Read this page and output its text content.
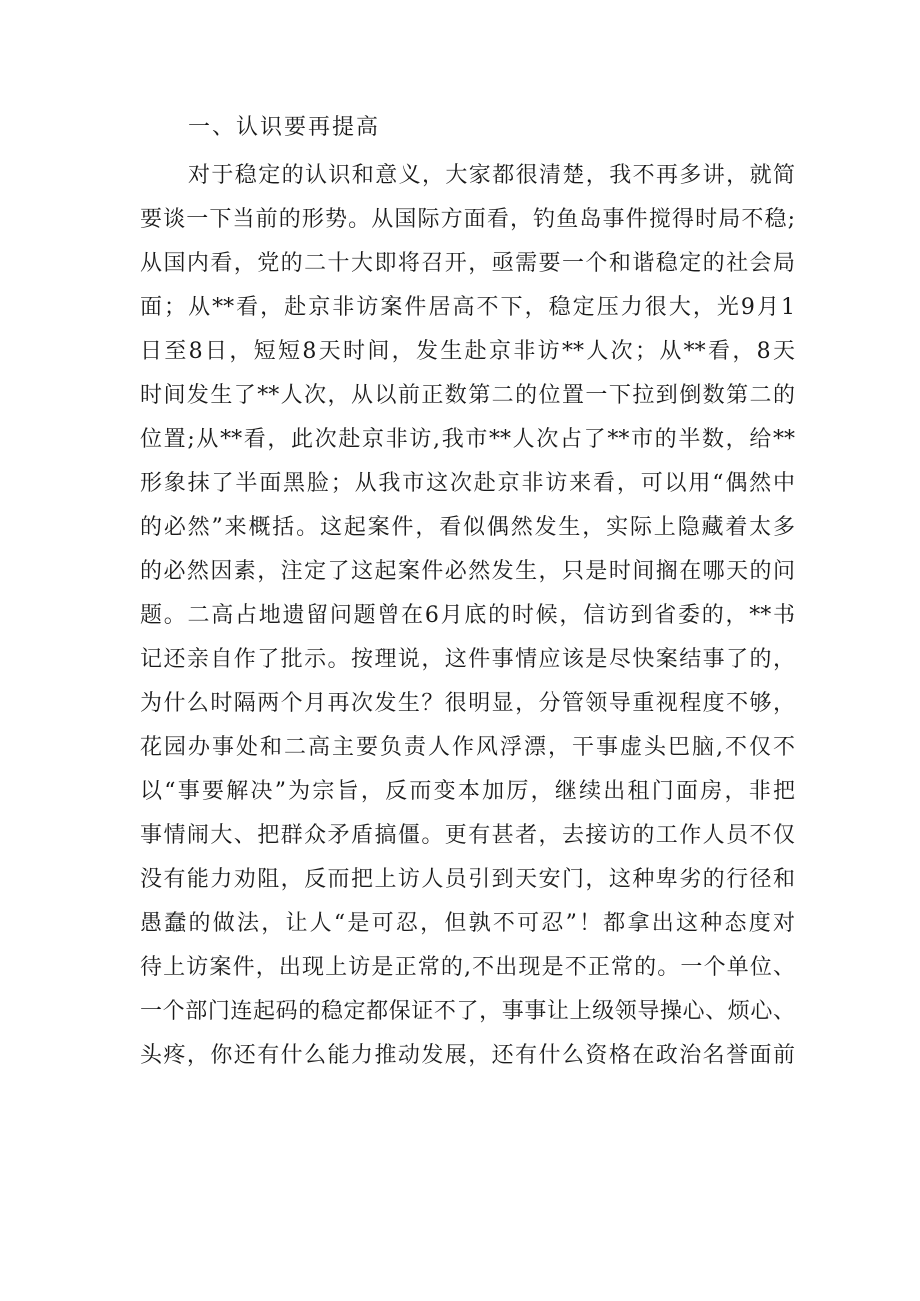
一、认识要再提高
对于稳定的认识和意义，大家都很清楚，我不再多讲，就简
要谈一下当前的形势。从国际方面看，钓鱼岛事件搅得时局不稳;
从国内看，党的二十大即将召开，亟需要一个和谐稳定的社会局
面；从**看，赴京非访案件居高不下，稳定压力很大，光9月1
日至8日，短短8天时间，发生赴京非访**人次；从**看，8天
时间发生了**人次，从以前正数第二的位置一下拉到倒数第二的
位置;从**看，此次赴京非访,我市**人次占了**市的半数，给**
形象抹了半面黑脸；从我市这次赴京非访来看，可以用“偶然中
的必然”来概括。这起案件，看似偶然发生，实际上隐藏着太多
的必然因素，注定了这起案件必然发生，只是时间搁在哪天的问
题。二高占地遗留问题曾在6月底的时候，信访到省委的，**书
记还亲自作了批示。按理说，这件事情应该是尽快案结事了的，
为什么时隔两个月再次发生？很明显，分管领导重视程度不够，
花园办事处和二高主要负责人作风浮漂，干事虚头巴脑,不仅不
以“事要解决”为宗旨，反而变本加厉，继续出租门面房，非把
事情闹大、把群众矛盾搞僵。更有甚者，去接访的工作人员不仅
没有能力劝阻，反而把上访人员引到天安门，这种卑劣的行径和
愚蠢的做法，让人“是可忍，但孰不可忍”！都拿出这种态度对
待上访案件，出现上访是正常的,不出现是不正常的。一个单位、
一个部门连起码的稳定都保证不了，事事让上级领导操心、烦心、
头疼，你还有什么能力推动发展，还有什么资格在政治名誉面前
